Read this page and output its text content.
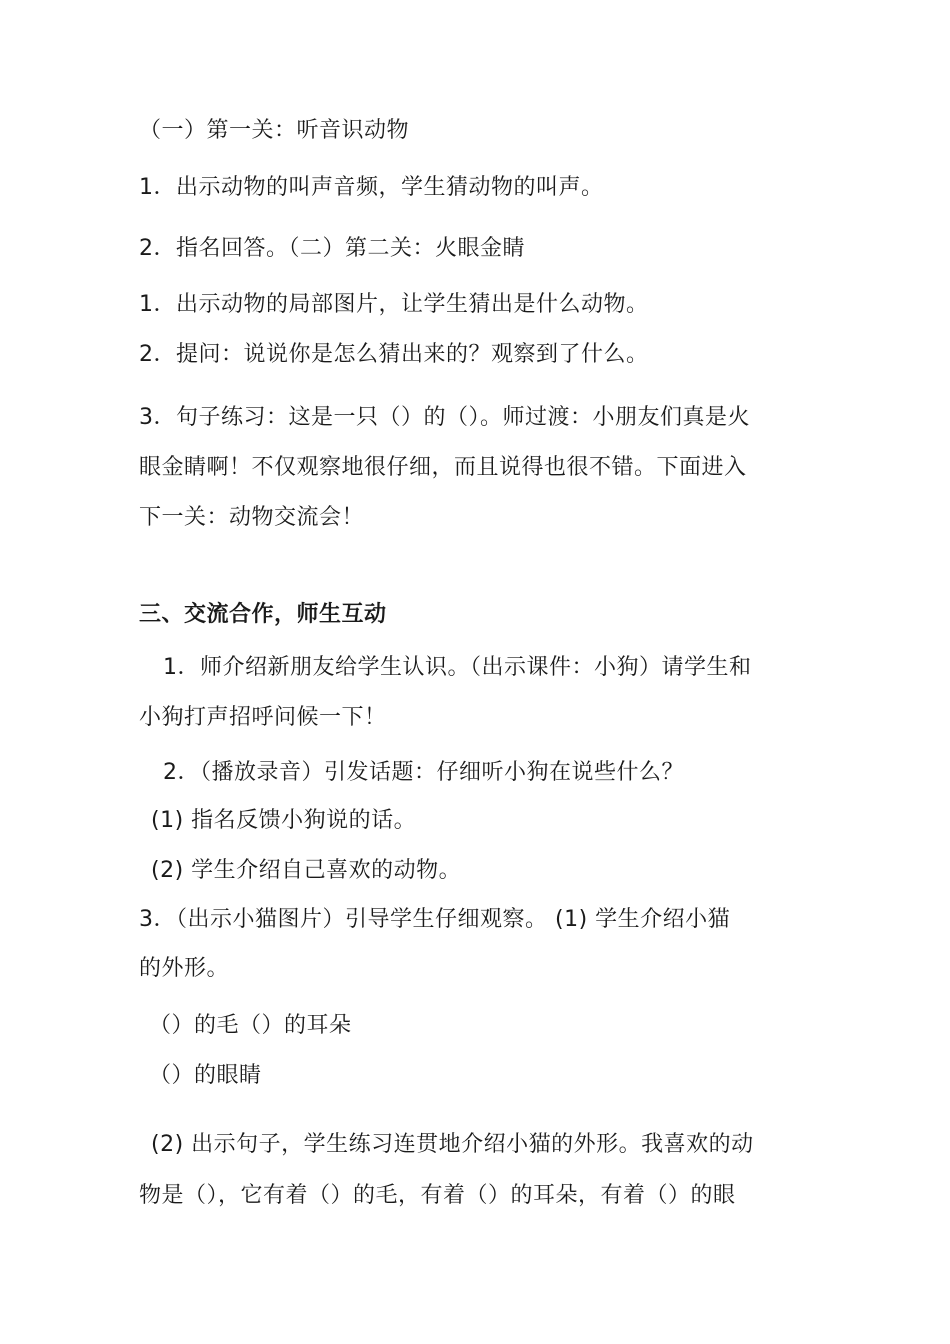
（一）第一关：听音识动物
1．出示动物的叫声音频，学生猜动物的叫声。
2．指名回答。（二）第二关：火眼金睛
1．出示动物的局部图片，让学生猜出是什么动物。
2．提问：说说你是怎么猜出来的？观察到了什么。
3．句子练习：这是一只（）的（）。师过渡：小朋友们真是火
眼金睛啊！不仅观察地很仔细，而且说得也很不错。下面进入
下一关：动物交流会！
三、交流合作，师生互动
1．师介绍新朋友给学生认识。（出示课件：小狗）请学生和
小狗打声招呼问候一下！
2．（播放录音）引发话题：仔细听小狗在说些什么？
(1) 指名反馈小狗说的话。
(2) 学生介绍自己喜欢的动物。
3．（出示小猫图片）引导学生仔细观察。 (1) 学生介绍小猫
的外形。
（）的毛（）的耳朵
（）的眼睛
(2) 出示句子，学生练习连贯地介绍小猫的外形。我喜欢的动
物是（），它有着（）的毛，有着（）的耳朵，有着（）的眼
